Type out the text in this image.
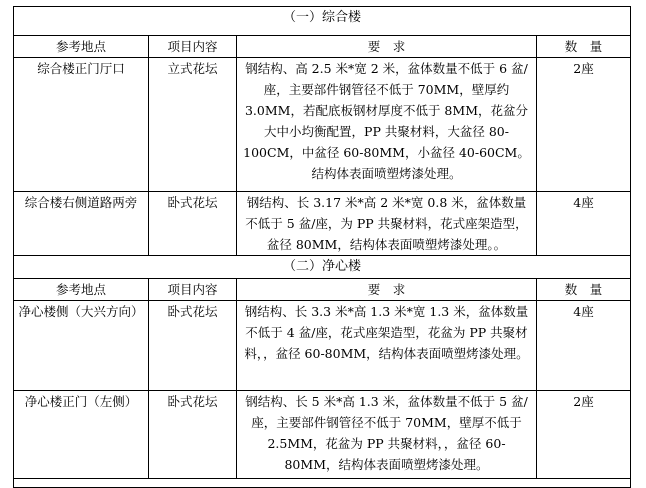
（一）综合楼			
参考地点	项目内容	要　求	数　量
综合楼正门厅口	立式花坛	钢结构、高 2.5 米*宽 2 米，盆体数量不低于 6 盆/座，主要部件钢管径不低于 70MM，壁厚约 3.0MM，若配底板钢材厚度不低于 8MM，花盆分大中小均衡配置，PP 共聚材料，大盆径 80-100CM，中盆径 60-80MM，小盆径 40-60CM。结构体表面喷塑烤漆处理。	2座
综合楼右侧道路两旁	卧式花坛	钢结构、长 3.17 米*高 2 米*宽 0.8 米，盆体数量不低于 5 盆/座，为 PP 共聚材料，花式座架造型，盆径 80MM，结构体表面喷塑烤漆处理。。	4座
（二）净心楼			
参考地点	项目内容	要　求	数　量
净心楼侧（大兴方向）	卧式花坛	钢结构、长 3.3 米*高 1.3 米*宽 1.3 米，盆体数量不低于 4 盆/座，花式座架造型，花盆为 PP 共聚材料，，盆径 60-80MM，结构体表面喷塑烤漆处理。	4座
净心楼正门（左侧）	卧式花坛	钢结构、长 5 米*高 1.3 米，盆体数量不低于 5 盆/座，主要部件钢管径不低于 70MM，壁厚不低于 2.5MM，花盆为 PP 共聚材料，，盆径 60-80MM，结构体表面喷塑烤漆处理。	2座
